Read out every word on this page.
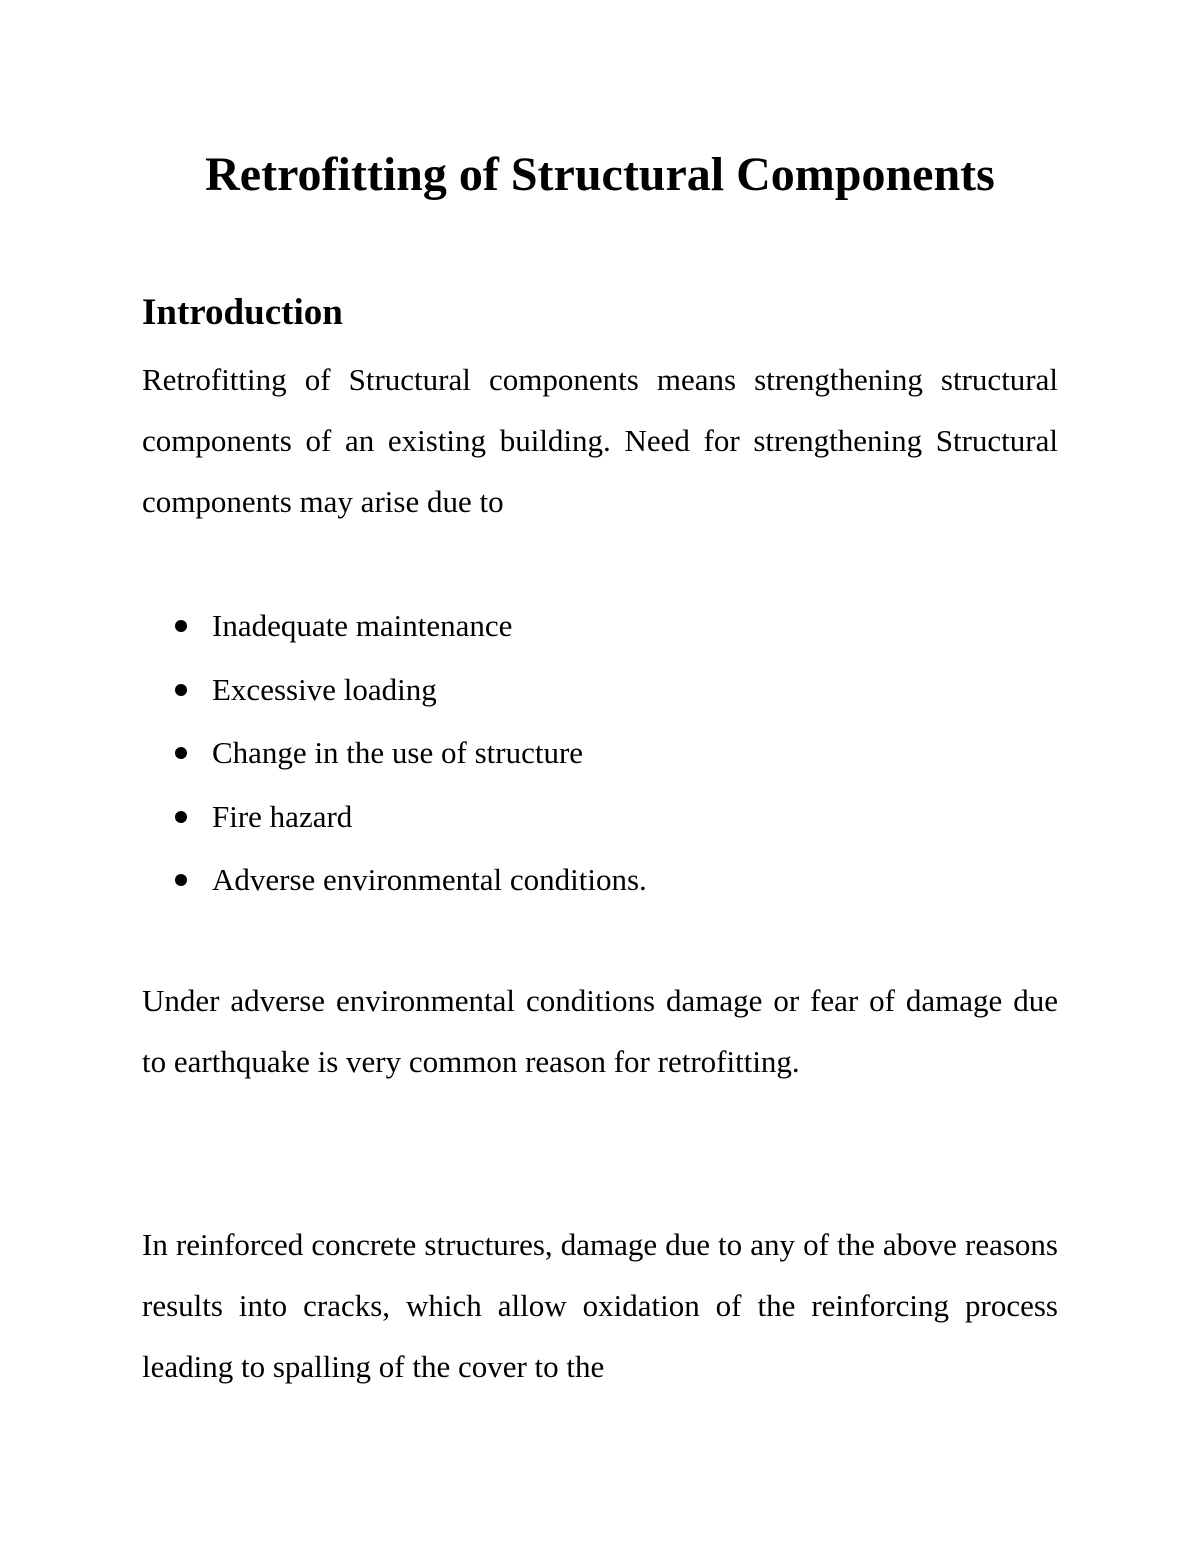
Retrofitting of Structural Components
Introduction

Retrofitting of Structural components means strengthening structural components of an existing building. Need for strengthening Structural components may arise due to

Inadequate maintenance
Excessive loading
Change in the use of structure
Fire hazard
Adverse environmental conditions.

Under adverse environmental conditions damage or fear of damage due to earthquake is very common reason for retrofitting.

In reinforced concrete structures, damage due to any of the above reasons results into cracks, which allow oxidation of the reinforcing process leading to spalling of the cover to the
